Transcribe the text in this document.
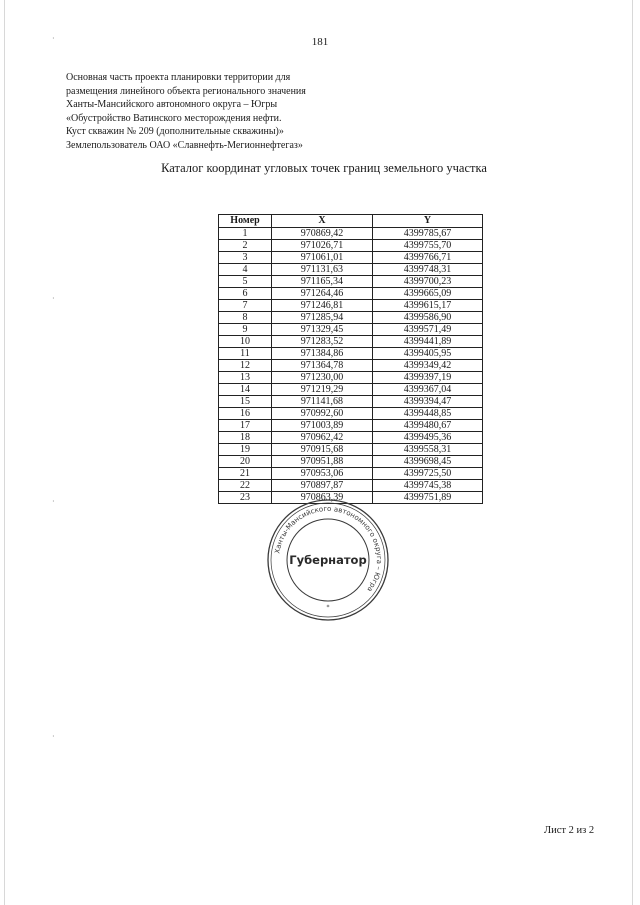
·
·
·
·
181
Основная часть проекта планировки территории для
размещения линейного объекта регионального значения
Ханты-Мансийского автономного округа – Югры
«Обустройство Ватинского месторождения нефти.
Куст скважин № 209 (дополнительные скважины)»
Землепользователь ОАО «Славнефть-Мегионнефтегаз»
Каталог координат угловых точек границ земельного участка
Номер	X	Y
1	970869,42	4399785,67
2	971026,71	4399755,70
3	971061,01	4399766,71
4	971131,63	4399748,31
5	971165,34	4399700,23
6	971264,46	4399665,09
7	971246,81	4399615,17
8	971285,94	4399586,90
9	971329,45	4399571,49
10	971283,52	4399441,89
11	971384,86	4399405,95
12	971364,78	4399349,42
13	971230,00	4399397,19
14	971219,29	4399367,04
15	971141,68	4399394,47
16	970992,60	4399448,85
17	971003,89	4399480,67
18	970962,42	4399495,36
19	970915,68	4399558,31
20	970951,88	4399698,45
21	970953,06	4399725,50
22	970897,87	4399745,38
23	970863,39	4399751,89
Ханты-Мансийского автономного округа – Югра
Губернатор
*
Лист 2 из 2
